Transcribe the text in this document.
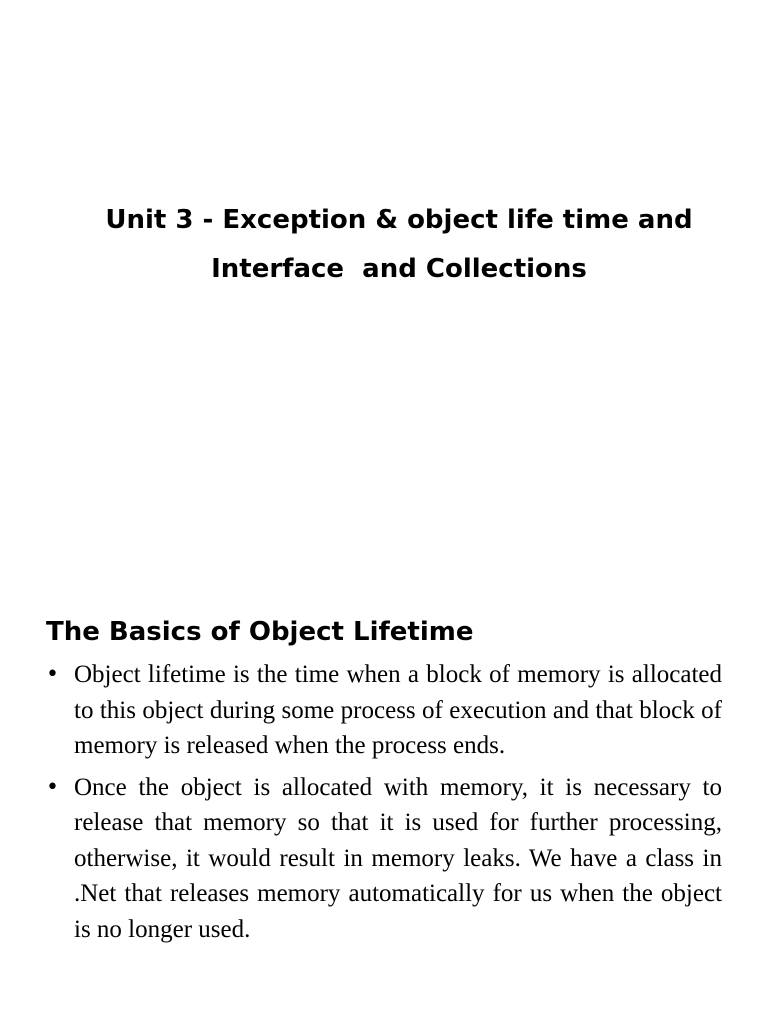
Unit 3 - Exception & object life time and
Interface  and Collections
The Basics of Object Lifetime
• Object lifetime is the time when a block of memory is allocated to this object during some process of execution and that block of memory is released when the process ends.
• Once the object is allocated with memory, it is necessary to release that memory so that it is used for further processing, otherwise, it would result in memory leaks. We have a class in .Net that releases memory automatically for us when the object is no longer used.
